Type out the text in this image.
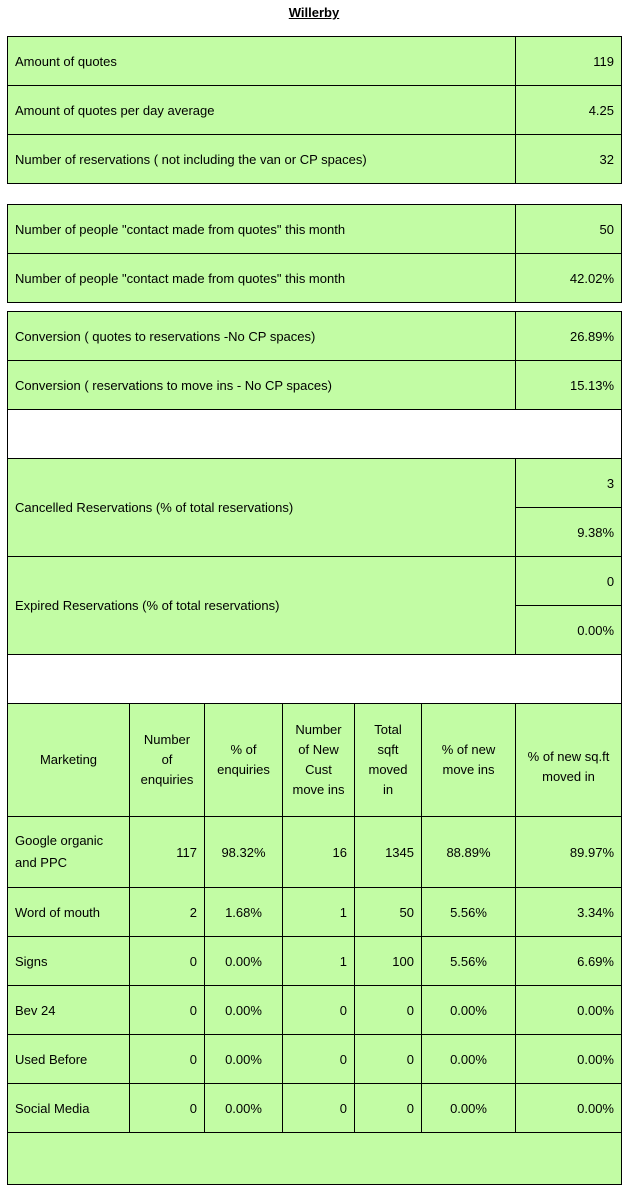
Willerby
Amount of quotes	119
Amount of quotes per day average	4.25
Number of reservations ( not including the van or CP spaces)	32
Number of people "contact made from quotes" this month	50
Number of people "contact made from quotes" this month	42.02%
Conversion ( quotes to reservations -No CP spaces)	26.89%
Conversion ( reservations to move ins - No CP spaces)	15.13%

Cancelled Reservations (% of total reservations)	3
	9.38%
Expired Reservations (% of total reservations)	0
	0.00%

Marketing	Number of enquiries	% of enquiries	Number of New Cust move ins	Total sqft moved in	% of new move ins	% of new sq.ft moved in
Google organic and PPC	117	98.32%	16	1345	88.89%	89.97%
Word of mouth	2	1.68%	1	50	5.56%	3.34%
Signs	0	0.00%	1	100	5.56%	6.69%
Bev 24	0	0.00%	0	0	0.00%	0.00%
Used Before	0	0.00%	0	0	0.00%	0.00%
Social Media	0	0.00%	0	0	0.00%	0.00%
